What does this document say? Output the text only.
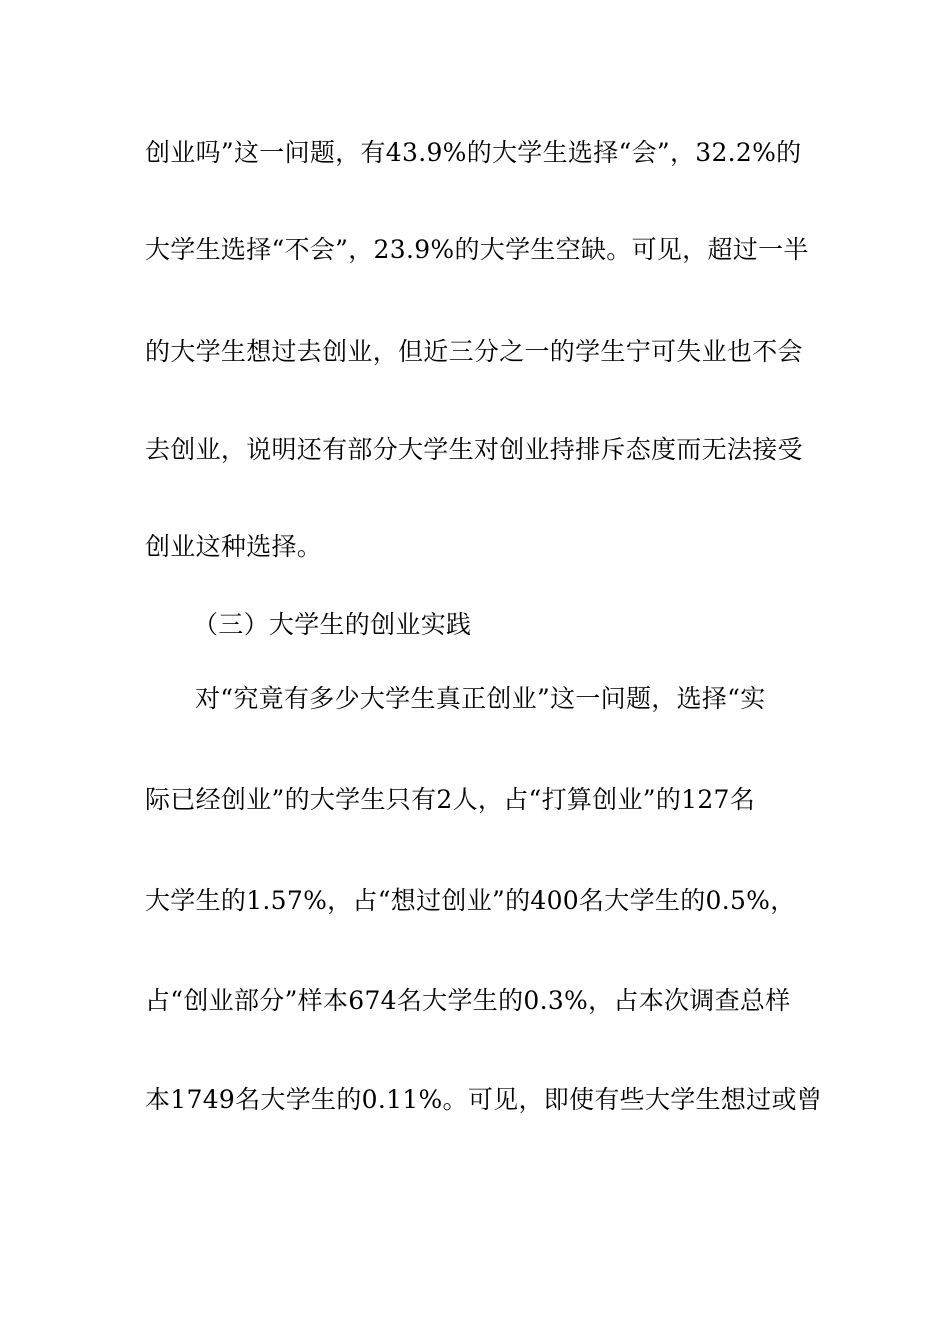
创业吗”这一问题，有43.9%的大学生选择“会”，32.2%的
大学生选择“不会”，23.9%的大学生空缺。可见，超过一半
的大学生想过去创业，但近三分之一的学生宁可失业也不会
去创业，说明还有部分大学生对创业持排斥态度而无法接受
创业这种选择。
（三）大学生的创业实践
对“究竟有多少大学生真正创业”这一问题，选择“实
际已经创业”的大学生只有2人，占“打算创业”的127名
大学生的1.57%，占“想过创业”的400名大学生的0.5%，
占“创业部分”样本674名大学生的0.3%，占本次调查总样
本1749名大学生的0.11%。可见，即使有些大学生想过或曾
